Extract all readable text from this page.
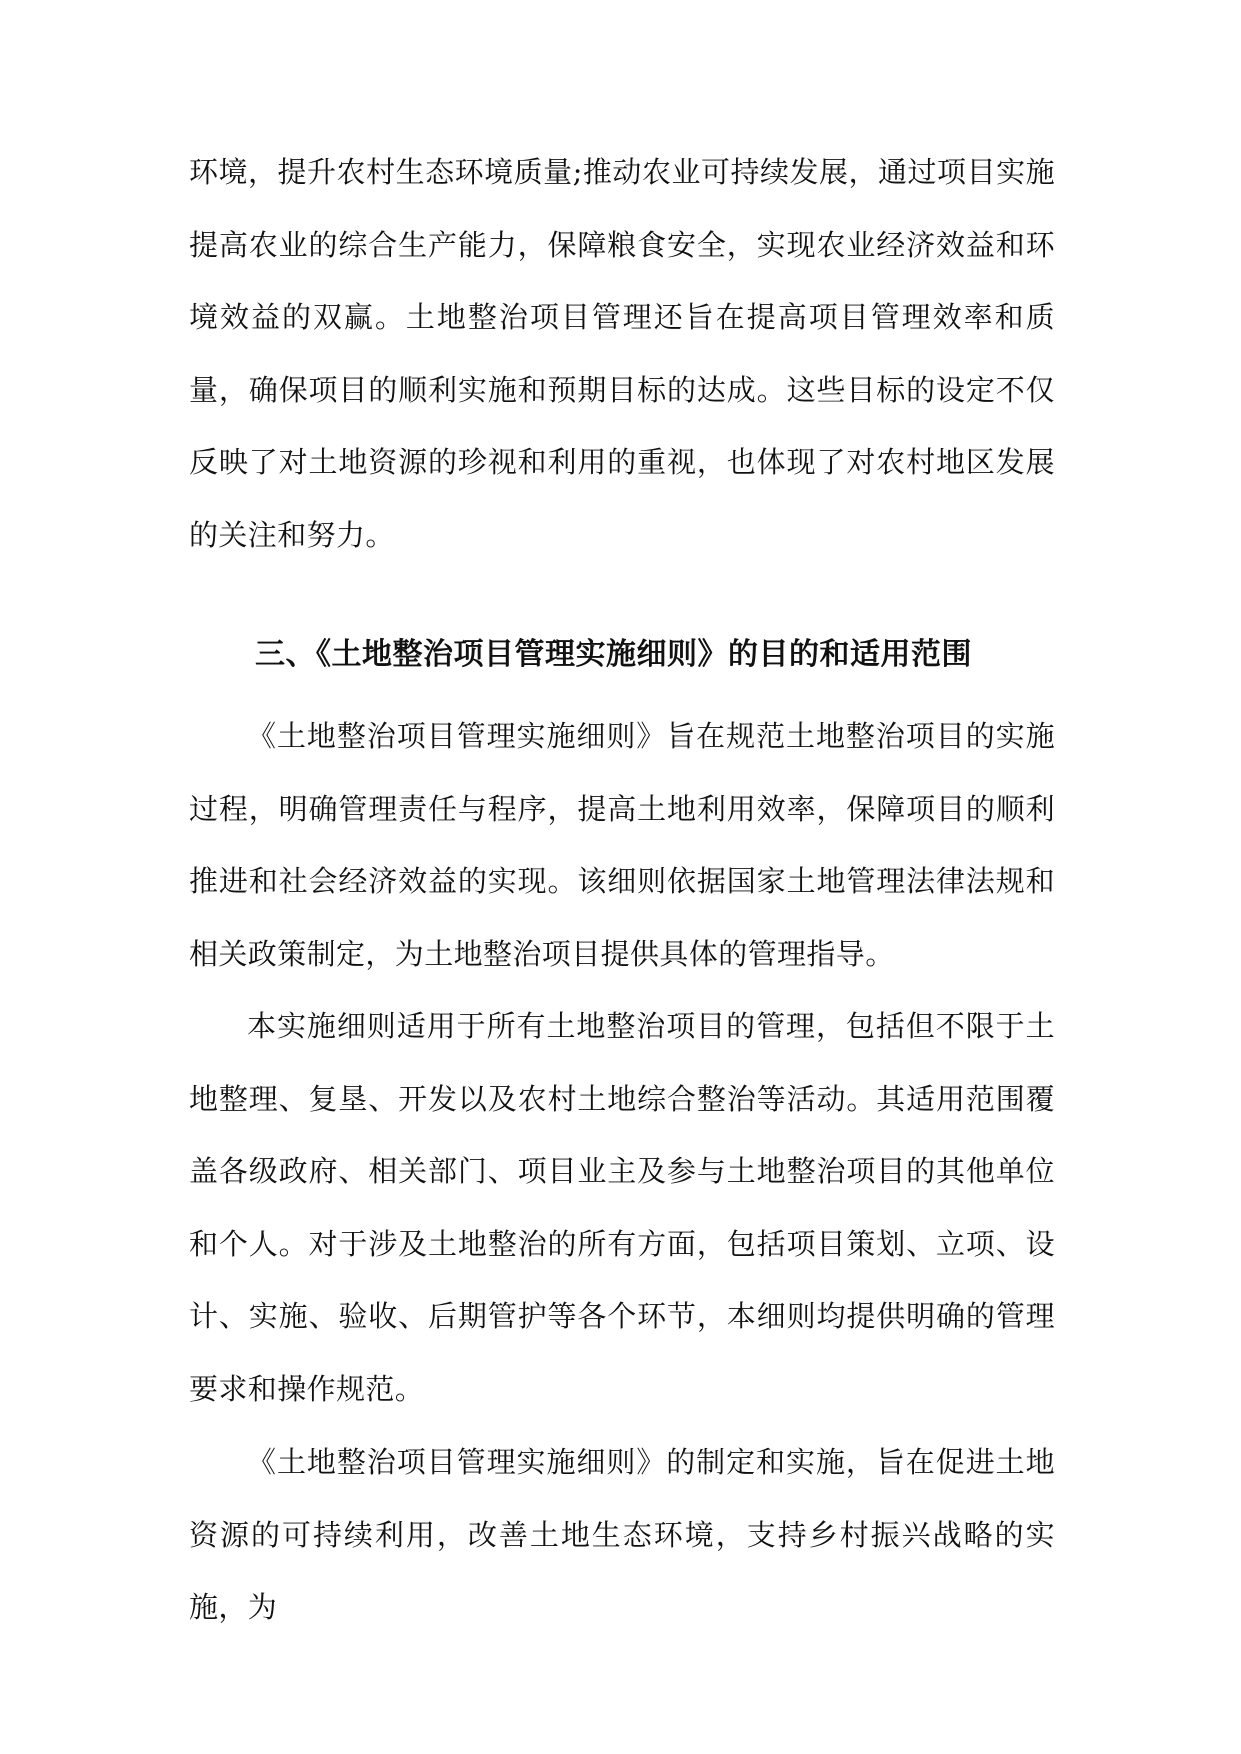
环境，提升农村生态环境质量;推动农业可持续发展，通过项目实施提高农业的综合生产能力，保障粮食安全，实现农业经济效益和环境效益的双赢。土地整治项目管理还旨在提高项目管理效率和质量，确保项目的顺利实施和预期目标的达成。这些目标的设定不仅反映了对土地资源的珍视和利用的重视，也体现了对农村地区发展的关注和努力。

三、《土地整治项目管理实施细则》的目的和适用范围

《土地整治项目管理实施细则》旨在规范土地整治项目的实施过程，明确管理责任与程序，提高土地利用效率，保障项目的顺利推进和社会经济效益的实现。该细则依据国家土地管理法律法规和相关政策制定，为土地整治项目提供具体的管理指导。

本实施细则适用于所有土地整治项目的管理，包括但不限于土地整理、复垦、开发以及农村土地综合整治等活动。其适用范围覆盖各级政府、相关部门、项目业主及参与土地整治项目的其他单位和个人。对于涉及土地整治的所有方面，包括项目策划、立项、设计、实施、验收、后期管护等各个环节，本细则均提供明确的管理要求和操作规范。

《土地整治项目管理实施细则》的制定和实施，旨在促进土地资源的可持续利用，改善土地生态环境，支持乡村振兴战略的实施，为
